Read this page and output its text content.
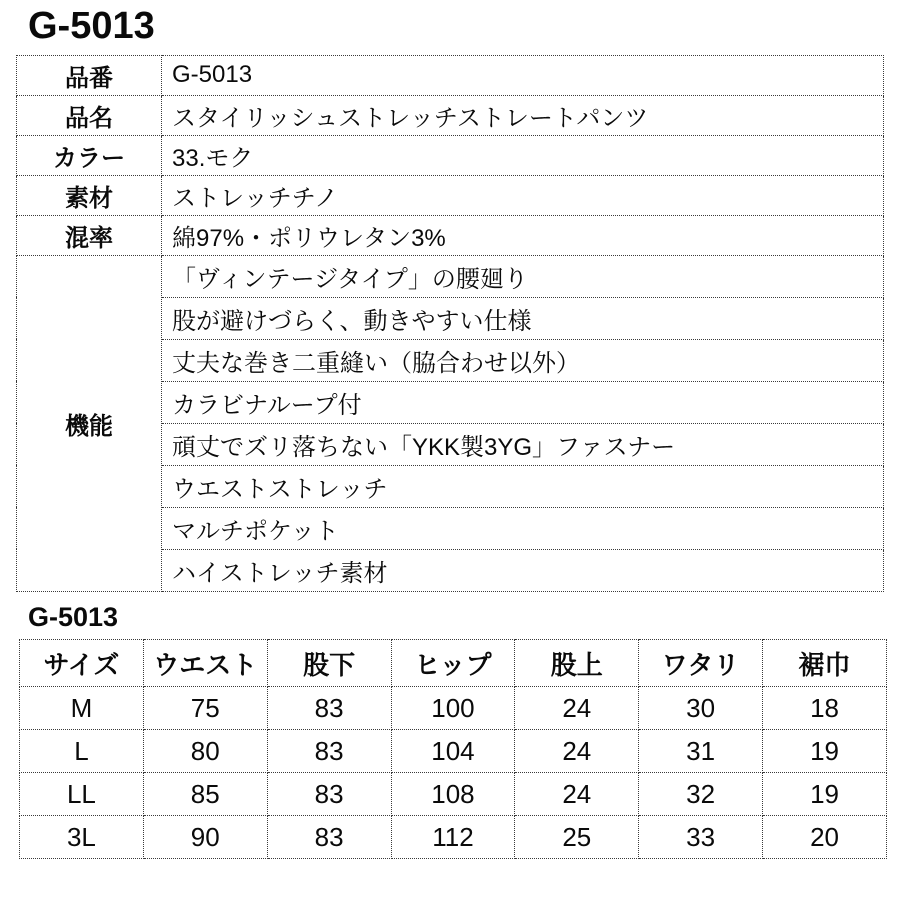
G-5013
品番	G-5013
品名	スタイリッシュストレッチストレートパンツ
カラー	33.モク
素材	ストレッチチノ
混率	綿97%・ポリウレタン3%
機能	「ヴィンテージタイプ」の腰廻り
	股が避けづらく、動きやすい仕様
	丈夫な巻き二重縫い（脇合わせ以外）
	カラビナループ付
	頑丈でズリ落ちない「YKK製3YG」ファスナー
	ウエストストレッチ
	マルチポケット
	ハイストレッチ素材
G-5013
サイズ	ウエスト	股下	ヒップ	股上	ワタリ	裾巾
M	75	83	100	24	30	18
L	80	83	104	24	31	19
LL	85	83	108	24	32	19
3L	90	83	112	25	33	20
